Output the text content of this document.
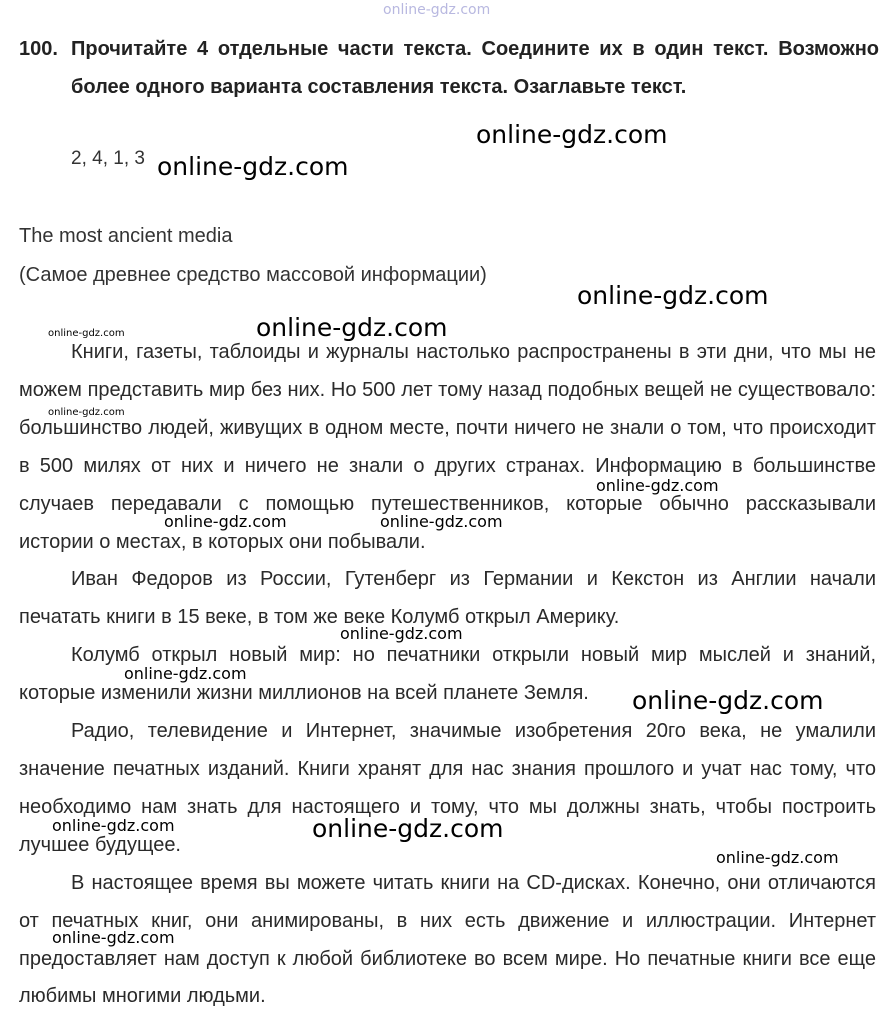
online-gdz.com
100. Прочитайте 4 отдельные части текста. Соедините их в один текст. Возможно более одного варианта составления текста. Озаглавьте текст.
2, 4, 1, 3
The most ancient media
(Самое древнее средство массовой информации)

Книги, газеты, таблоиды и журналы настолько распространены в эти дни, что мы не можем представить мир без них. Но 500 лет тому назад подобных вещей не существовало: большинство людей, живущих в одном месте, почти ничего не знали о том, что происходит в 500 милях от них и ничего не знали о других странах. Информацию в большинстве случаев передавали с помощью путешественников, которые обычно рассказывали истории о местах, в которых они побывали.

Иван Федоров из России, Гутенберг из Германии и Кекстон из Англии начали печатать книги в 15 веке, в том же веке Колумб открыл Америку.

Колумб открыл новый мир: но печатники открыли новый мир мыслей и знаний, которые изменили жизни миллионов на всей планете Земля.

Радио, телевидение и Интернет, значимые изобретения 20го века, не умалили значение печатных изданий. Книги хранят для нас знания прошлого и учат нас тому, что необходимо нам знать для настоящего и тому, что мы должны знать, чтобы построить лучшее будущее.

В настоящее время вы можете читать книги на CD-дисках. Конечно, они отличаются от печатных книг, они анимированы, в них есть движение и иллюстрации. Интернет предоставляет нам доступ к любой библиотеке во всем мире. Но печатные книги все еще любимы многими людьми.

online-gdz.com
online-gdz.com
online-gdz.com
online-gdz.com
online-gdz.com
online-gdz.com
online-gdz.com
online-gdz.com	online-gdz.com
online-gdz.com
online-gdz.com
online-gdz.com
online-gdz.com
online-gdz.com
online-gdz.com
online-gdz.com
